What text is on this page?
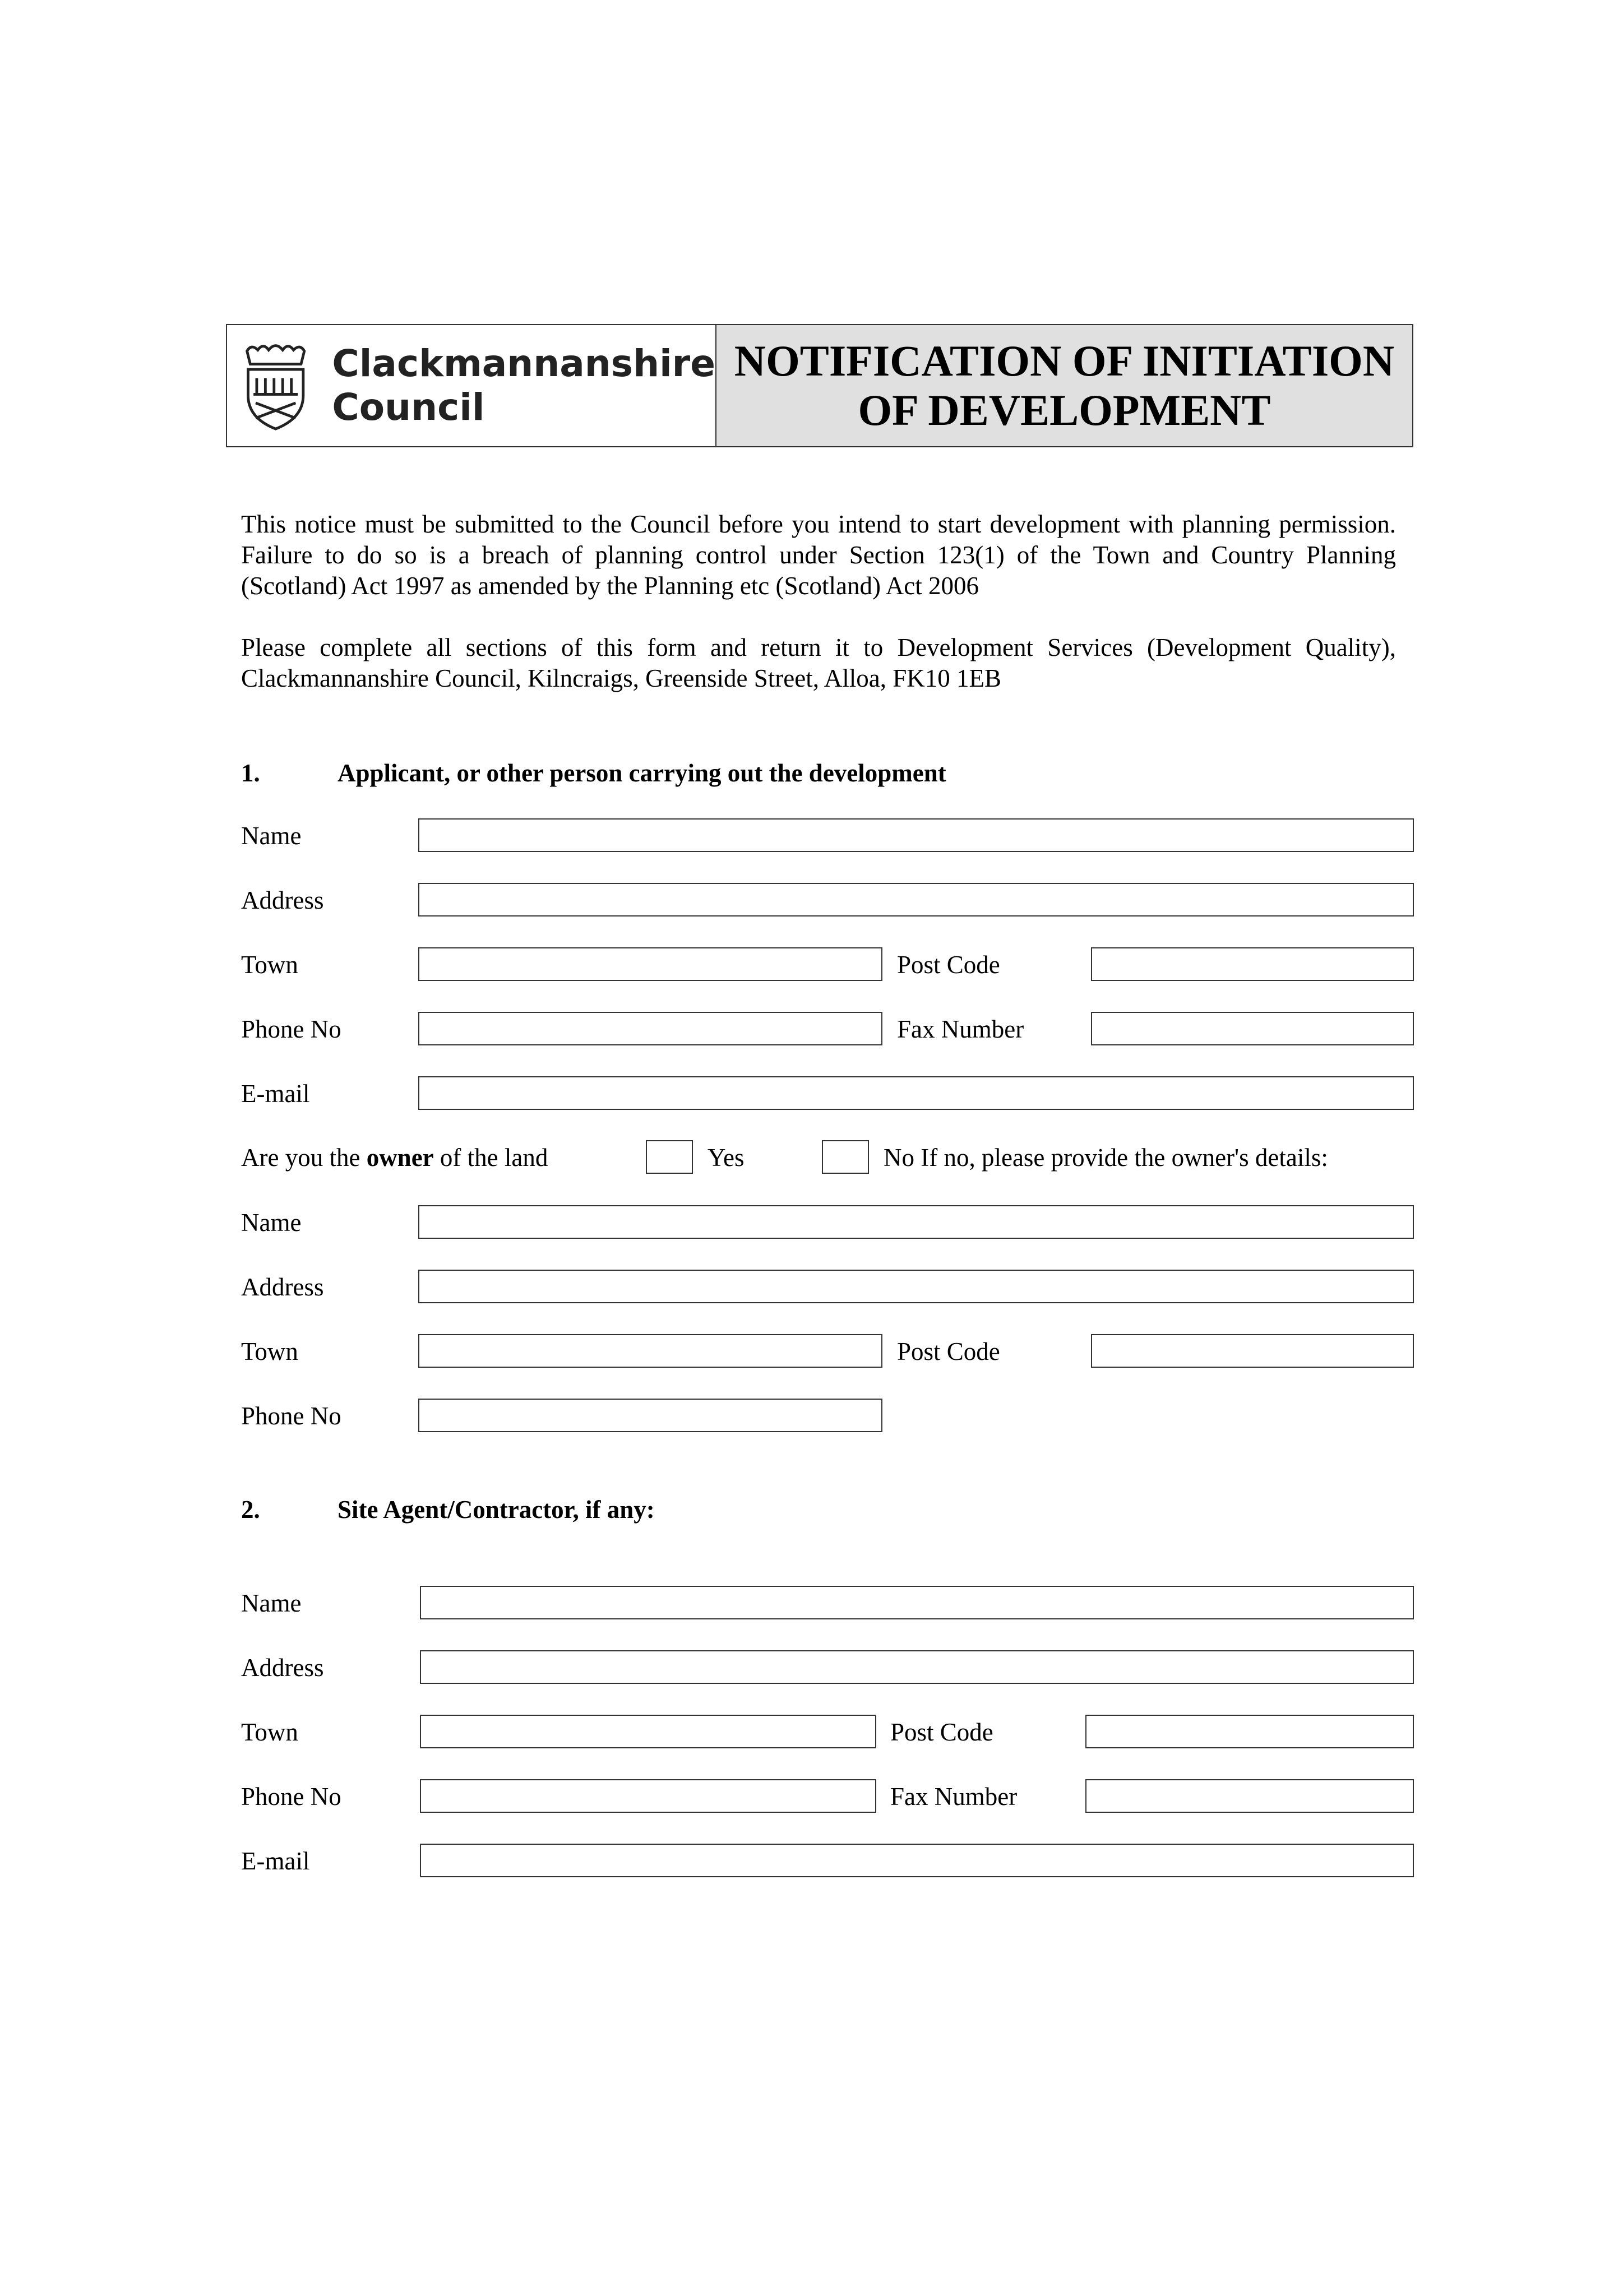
Clackmannanshire
Council
NOTIFICATION OF INITIATION
OF DEVELOPMENT
This notice must be submitted to the Council before you intend to start development with planning permission. Failure to do so is a breach of planning control under Section 123(1) of the Town and Country Planning (Scotland) Act 1997 as amended by the Planning etc (Scotland) Act 2006
Please complete all sections of this form and return it to Development Services (Development Quality), Clackmannanshire Council, Kilncraigs, Greenside Street, Alloa, FK10 1EB
1.	Applicant, or other person carrying out the development
Name
Address
Town	Post Code
Phone No	Fax Number
E-mail
Are you the owner of the land	Yes	No If no, please provide the owner's details:
Name
Address
Town	Post Code
Phone No
2.	Site Agent/Contractor, if any:
Name
Address
Town	Post Code
Phone No	Fax Number
E-mail
